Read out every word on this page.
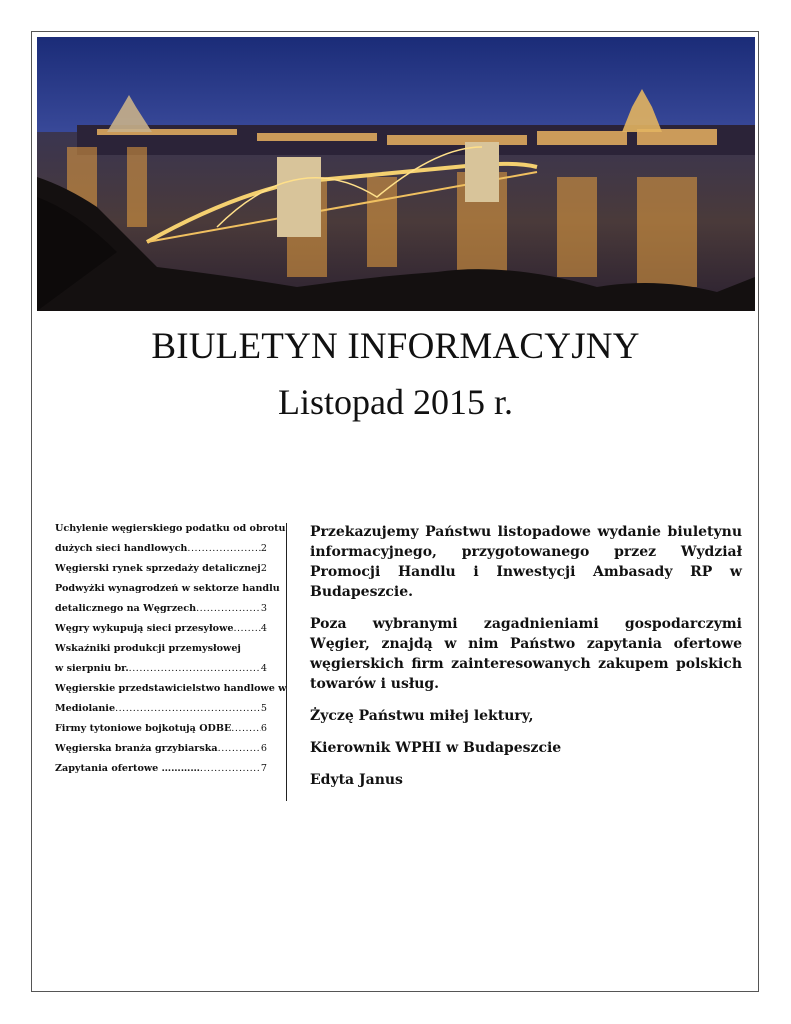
BIULETYN INFORMACYJNY
Listopad 2015 r.
Uchylenie węgierskiego podatku od obrotu
dużych sieci handlowych .....	2
Węgierski rynek sprzedaży detalicznej ..... 2
Podwyżki wynagrodzeń w sektorze handlu
detalicznego na Węgrzech .....	3
Węgry wykupują sieci przesyłowe .....	4
Wskaźniki produkcji przemysłowej
w sierpniu br. .....	4
Węgierskie przedstawicielstwo handlowe w
Mediolanie .....	5
Firmy tytoniowe bojkotują ODBE .....	6
Węgierska branża grzybiarska .....	6
Zapytania ofertowe ………… .....	7

Przekazujemy Państwu listopadowe wydanie biuletynu informacyjnego, przygotowanego przez Wydział Promocji Handlu i Inwestycji Ambasady RP w Budapeszcie.

Poza wybranymi zagadnieniami gospodarczymi Węgier, znajdą w nim Państwo zapytania ofertowe węgierskich firm zainteresowanych zakupem polskich towarów i usług.

Życzę Państwu miłej lektury,

Kierownik WPHI w Budapeszcie

Edyta Janus
